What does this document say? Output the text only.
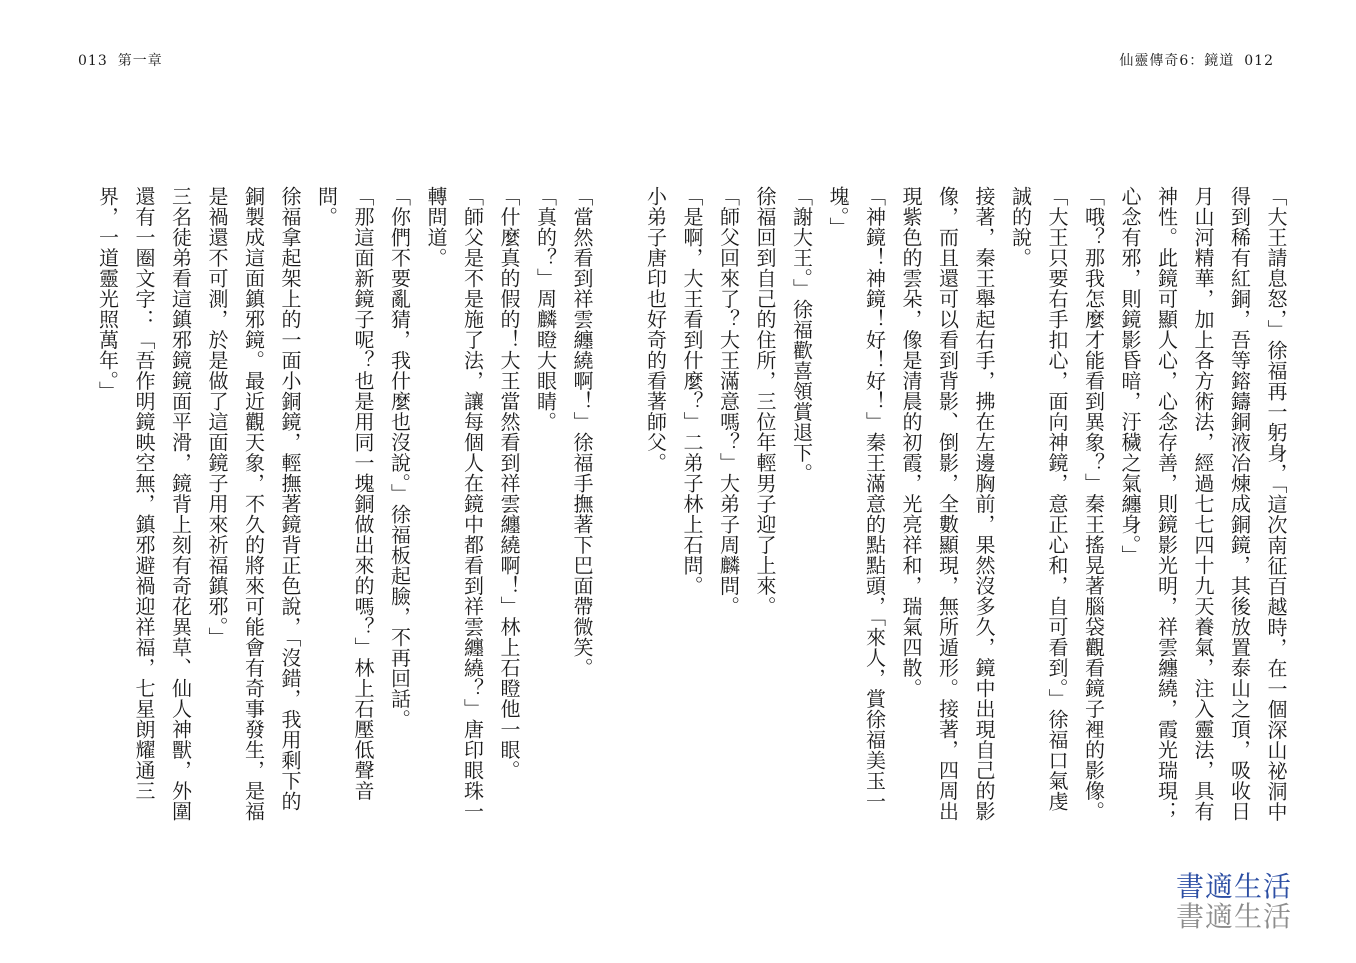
013 第一章

「當然看到祥雲纏繞啊！」徐福手撫著下巴面帶微笑。

「真的？」周麟瞪大眼睛。

「什麼真的假的！大王當然看到祥雲纏繞啊！」林上石瞪他一眼。

「師父是不是施了法，讓每個人在鏡中都看到祥雲纏繞？」唐印眼珠一轉問道。

「你們不要亂猜，我什麼也沒說。」徐福板起臉，不再回話。

「那這面新鏡子呢？也是用同一塊銅做出來的嗎？」林上石壓低聲音問。

徐福拿起架上的一面小銅鏡，輕撫著鏡背正色說，「沒錯，我用剩下的銅製成這面鎮邪鏡。最近觀天象，不久的將來可能會有奇事發生，是福是禍還不可測，於是做了這面鏡子用來祈福鎮邪。」

三名徒弟看這鎮邪鏡鏡面平滑，鏡背上刻有奇花異草、仙人神獸，外圍還有一圈文字：「吾作明鏡映空無，鎮邪避禍迎祥福，七星朗耀通三界，一道靈光照萬年。」

仙靈傳奇6：鏡道 012

「大王請息怒，」徐福再一躬身，「這次南征百越時，在一個深山祕洞中得到稀有紅銅，吾等鎔鑄銅液冶煉成銅鏡，其後放置泰山之頂，吸收日月山河精華，加上各方術法，經過七七四十九天養氣，注入靈法，具有神性。此鏡可顯人心，心念存善，則鏡影光明，祥雲纏繞，霞光瑞現；心念有邪，則鏡影昏暗，汙穢之氣纏身。」

「哦？那我怎麼才能看到異象？」秦王搖晃著腦袋觀看鏡子裡的影像。

「大王只要右手扣心，面向神鏡，意正心和，自可看到。」徐福口氣虔誠的說。

接著，秦王舉起右手，拂在左邊胸前，果然沒多久，鏡中出現自己的影像，而且還可以看到背影、倒影，全數顯現，無所遁形。接著，四周出現紫色的雲朵，像是清晨的初霞，光亮祥和，瑞氣四散。

「神鏡！神鏡！好！好！」秦王滿意的點點頭，「來人，賞徐福美玉一塊。」

「謝大王。」徐福歡喜領賞退下。

徐福回到自己的住所，三位年輕男子迎了上來。

「師父回來了？大王滿意嗎？」大弟子周麟問。

「是啊，大王看到什麼？」二弟子林上石問。

小弟子唐印也好奇的看著師父。

書適生活
書適生活
